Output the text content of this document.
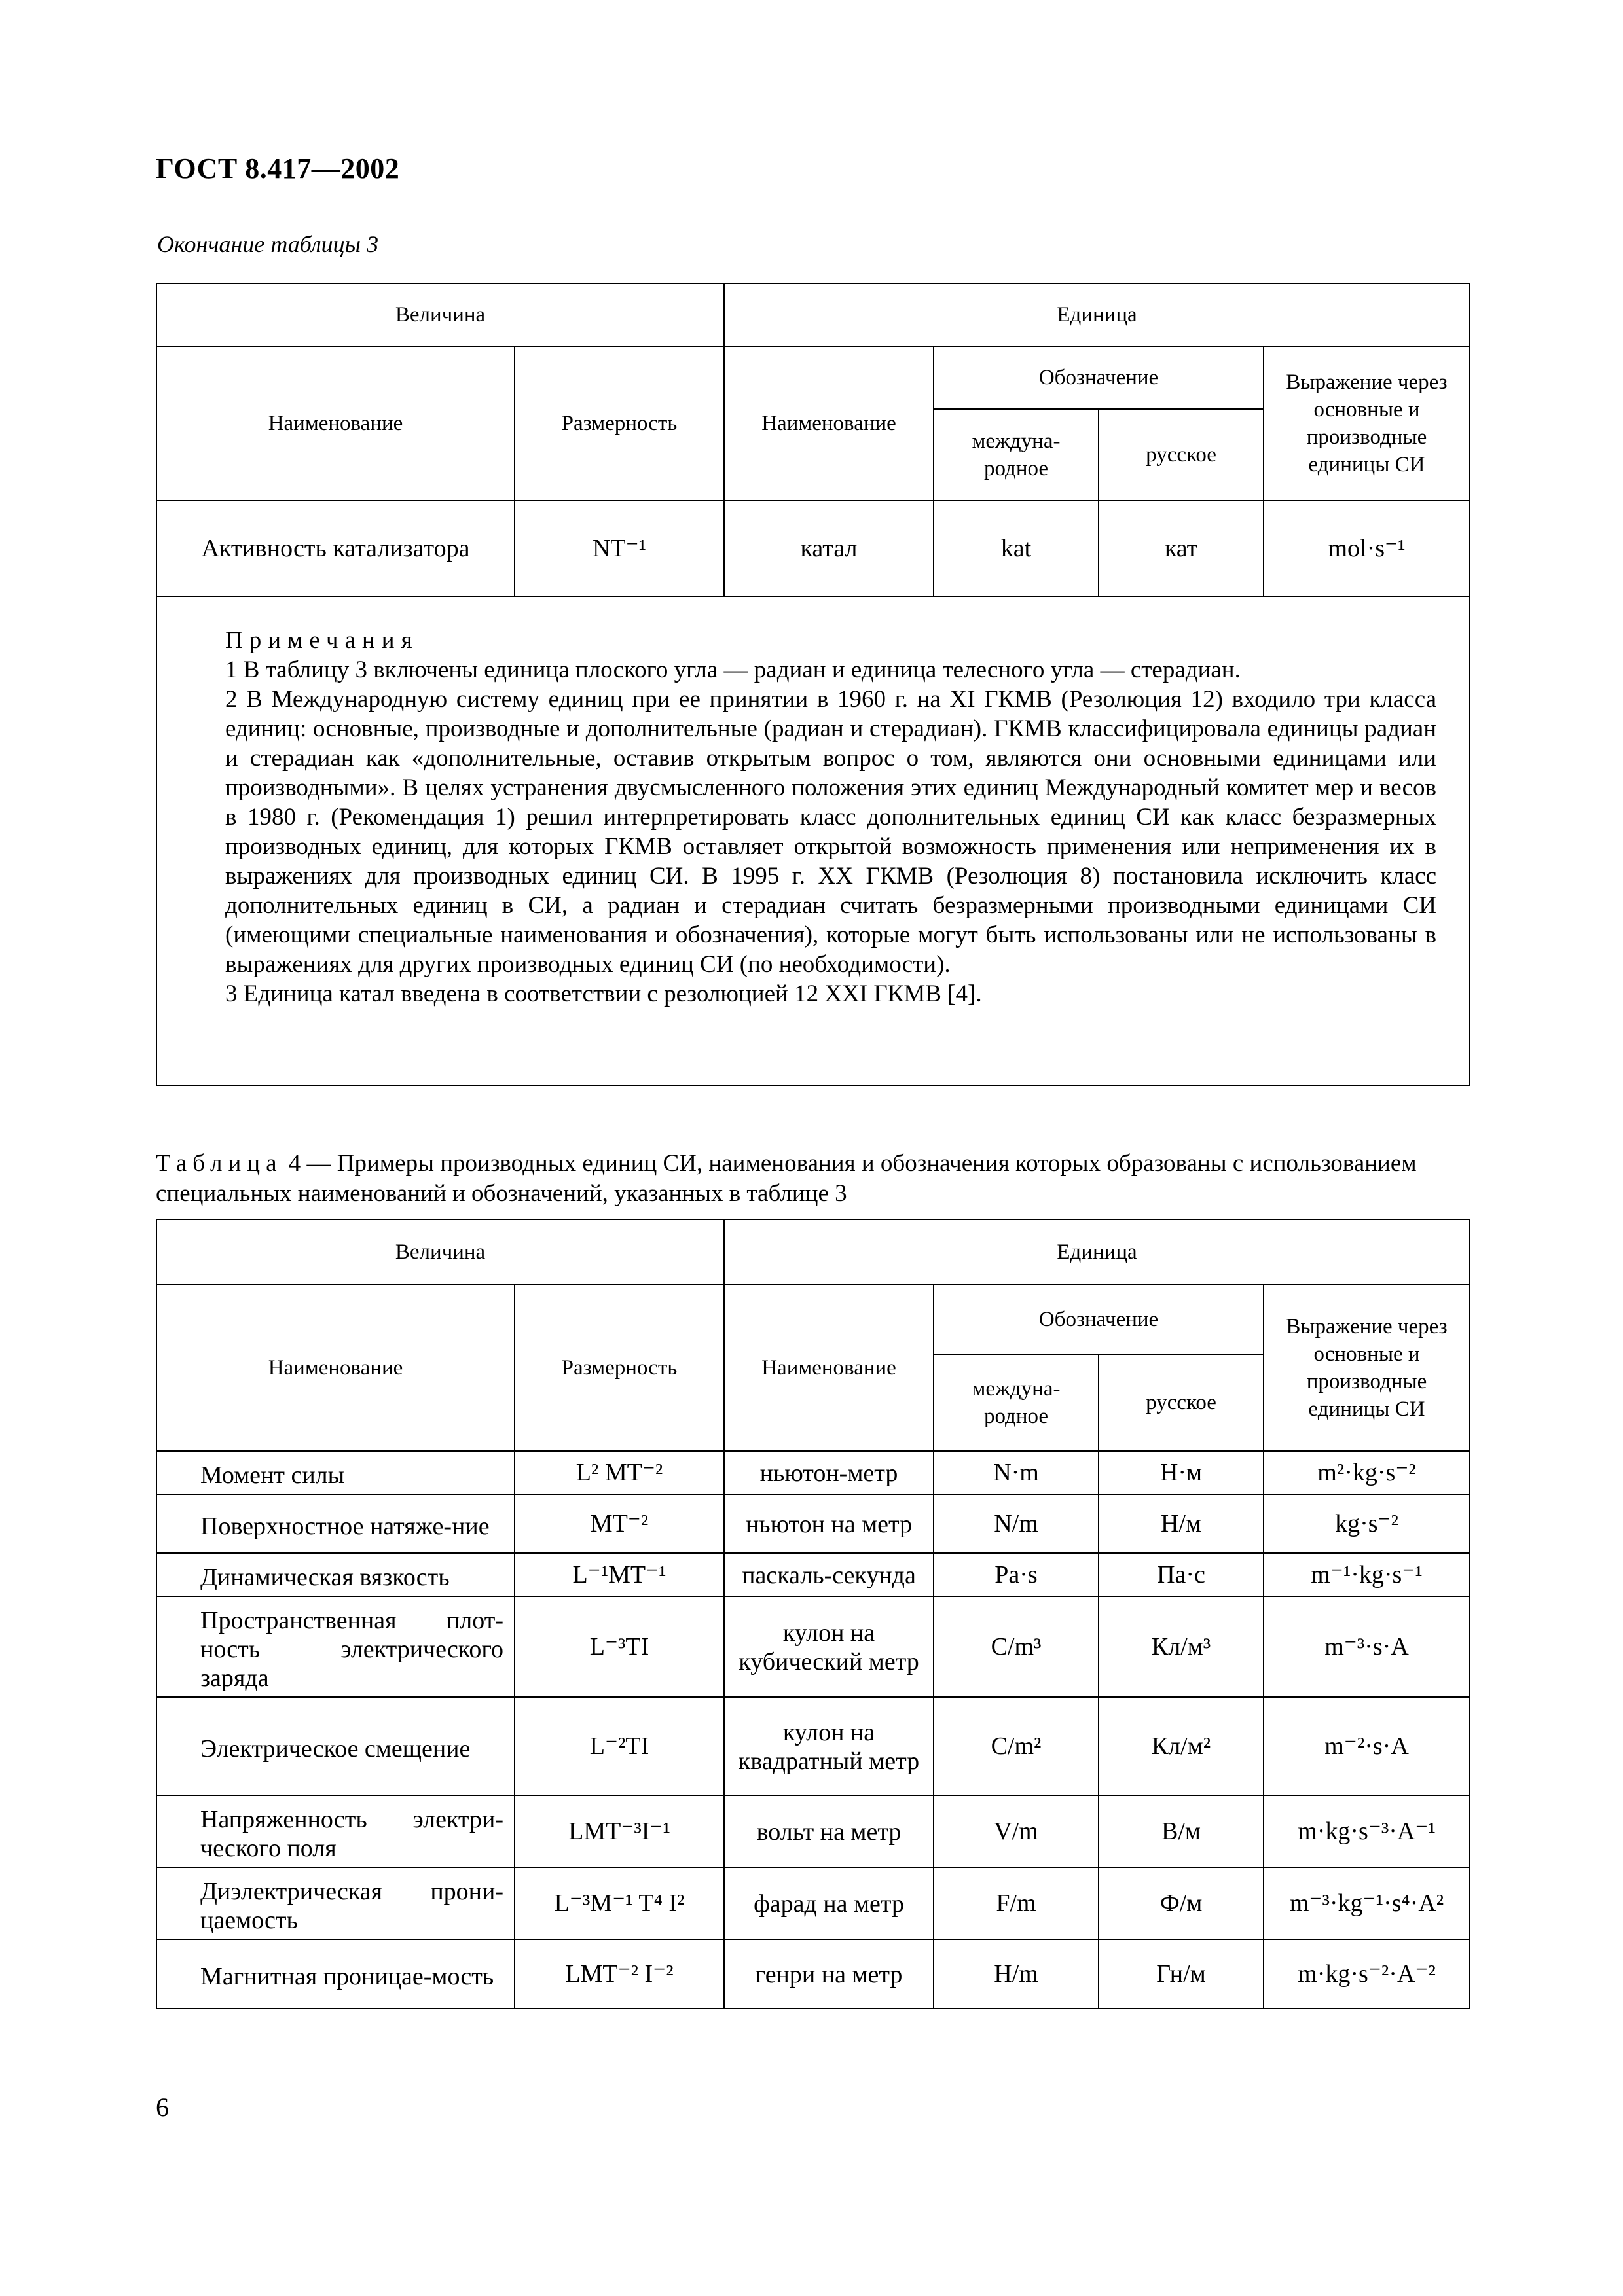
ГОСТ 8.417—2002
Окончание таблицы 3
Величина		Единица			
Наименование	Размерность	Наименование	Обозначение		Выражение через основные и производные единицы СИ
			междуна-родное	русское	
Активность катализатора	NT⁻¹	катал	kat	кат	mol·s⁻¹

Примечания

1 В таблицу 3 включены единица плоского угла — радиан и единица телесного угла — стерадиан.

2 В Международную систему единиц при ее принятии в 1960 г. на XI ГКМВ (Резолюция 12) входило три класса единиц: основные, производные и дополнительные (радиан и стерадиан). ГКМВ классифицировала единицы радиан и стерадиан как «дополнительные, оставив открытым вопрос о том, являются они основными единицами или производными». В целях устранения двусмысленного положения этих единиц Международный комитет мер и весов в 1980 г. (Рекомендация 1) решил интерпретировать класс дополнительных единиц СИ как класс безразмерных производных единиц, для которых ГКМВ оставляет открытой возможность применения или неприменения их в выражениях для производных единиц СИ. В 1995 г. XX ГКМВ (Резолюция 8) постановила исключить класс дополнительных единиц в СИ, а радиан и стерадиан считать безразмерными производными единицами СИ (имеющими специальные наименования и обозначения), которые могут быть использованы или не использованы в выражениях для других производных единиц СИ (по необходимости).

3 Единица катал введена в соответствии с резолюцией 12 XXI ГКМВ [4].					

Таблица 4 — Примеры производных единиц СИ, наименования и обозначения которых образованы с использованием специальных наименований и обозначений, указанных в таблице 3
Величина		Единица			
Наименование	Размерность	Наименование	Обозначение		Выражение через основные и производные единицы СИ
			междуна-родное	русское	
Момент силы	L² MT⁻²	ньютон-метр	N·m	Н·м	m²·kg·s⁻²
Поверхностное натяже-ние	MT⁻²	ньютон на метр	N/m	Н/м	kg·s⁻²
Динамическая вязкость	L⁻¹MT⁻¹	паскаль-секунда	Pa·s	Па·с	m⁻¹·kg·s⁻¹
Пространственная плот-ность электрического заряда	L⁻³TI	кулон на кубический метр	C/m³	Кл/м³	m⁻³·s·A
Электрическое смещение	L⁻²TI	кулон на квадратный метр	C/m²	Кл/м²	m⁻²·s·A
Напряженность электри-ческого поля	LMT⁻³I⁻¹	вольт на метр	V/m	В/м	m·kg·s⁻³·A⁻¹
Диэлектрическая прони-цаемость	L⁻³M⁻¹ T⁴ I²	фарад на метр	F/m	Ф/м	m⁻³·kg⁻¹·s⁴·A²
Магнитная проницае-мость	LMT⁻² I⁻²	генри на метр	H/m	Гн/м	m·kg·s⁻²·A⁻²
6
